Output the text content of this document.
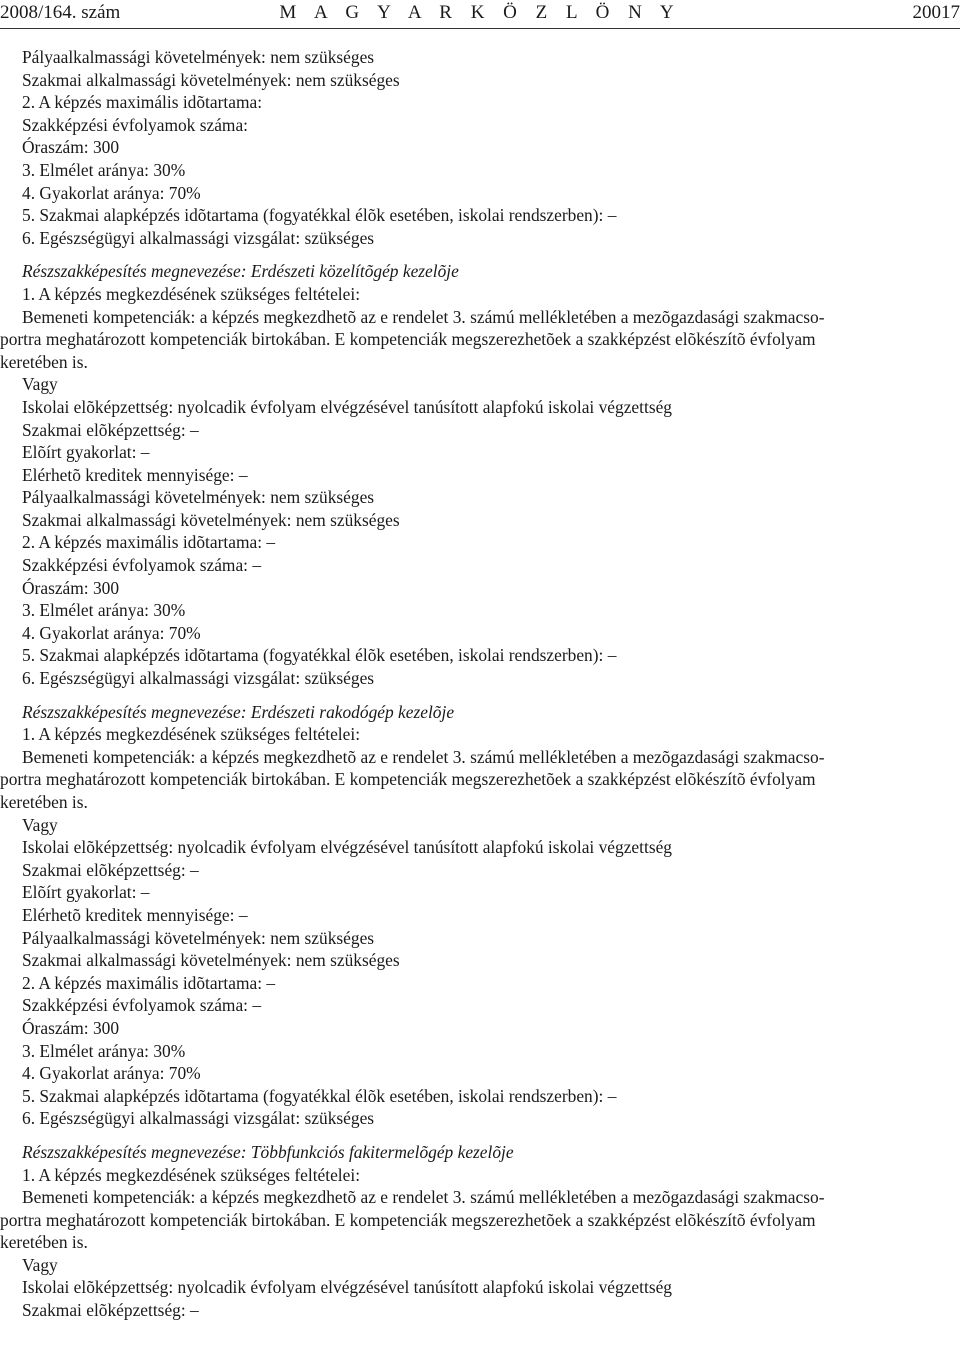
2008/164. szám	M A G Y A R K Ö Z L Ö N Y	20017
Pályaalkalmassági követelmények: nem szükséges
Szakmai alkalmassági követelmények: nem szükséges
2. A képzés maximális idõtartama:
Szakképzési évfolyamok száma:
Óraszám: 300
3. Elmélet aránya: 30%
4. Gyakorlat aránya: 70%
5. Szakmai alapképzés idõtartama (fogyatékkal élõk esetében, iskolai rendszerben): –
6. Egészségügyi alkalmassági vizsgálat: szükséges
Részszakképesítés megnevezése: Erdészeti közelítõgép kezelõje
1. A képzés megkezdésének szükséges feltételei:
Bemeneti kompetenciák: a képzés megkezdhetõ az e rendelet 3. számú mellékletében a mezõgazdasági szakmacso-
portra meghatározott kompetenciák birtokában. E kompetenciák megszerezhetõek a szakképzést elõkészítõ évfolyam
keretében is.
Vagy
Iskolai elõképzettség: nyolcadik évfolyam elvégzésével tanúsított alapfokú iskolai végzettség
Szakmai elõképzettség: –
Elõírt gyakorlat: –
Elérhetõ kreditek mennyisége: –
Pályaalkalmassági követelmények: nem szükséges
Szakmai alkalmassági követelmények: nem szükséges
2. A képzés maximális idõtartama: –
Szakképzési évfolyamok száma: –
Óraszám: 300
3. Elmélet aránya: 30%
4. Gyakorlat aránya: 70%
5. Szakmai alapképzés idõtartama (fogyatékkal élõk esetében, iskolai rendszerben): –
6. Egészségügyi alkalmassági vizsgálat: szükséges
Részszakképesítés megnevezése: Erdészeti rakodógép kezelõje
1. A képzés megkezdésének szükséges feltételei:
Bemeneti kompetenciák: a képzés megkezdhetõ az e rendelet 3. számú mellékletében a mezõgazdasági szakmacso-
portra meghatározott kompetenciák birtokában. E kompetenciák megszerezhetõek a szakképzést elõkészítõ évfolyam
keretében is.
Vagy
Iskolai elõképzettség: nyolcadik évfolyam elvégzésével tanúsított alapfokú iskolai végzettség
Szakmai elõképzettség: –
Elõírt gyakorlat: –
Elérhetõ kreditek mennyisége: –
Pályaalkalmassági követelmények: nem szükséges
Szakmai alkalmassági követelmények: nem szükséges
2. A képzés maximális idõtartama: –
Szakképzési évfolyamok száma: –
Óraszám: 300
3. Elmélet aránya: 30%
4. Gyakorlat aránya: 70%
5. Szakmai alapképzés idõtartama (fogyatékkal élõk esetében, iskolai rendszerben): –
6. Egészségügyi alkalmassági vizsgálat: szükséges
Részszakképesítés megnevezése: Többfunkciós fakitermelõgép kezelõje
1. A képzés megkezdésének szükséges feltételei:
Bemeneti kompetenciák: a képzés megkezdhetõ az e rendelet 3. számú mellékletében a mezõgazdasági szakmacso-
portra meghatározott kompetenciák birtokában. E kompetenciák megszerezhetõek a szakképzést elõkészítõ évfolyam
keretében is.
Vagy
Iskolai elõképzettség: nyolcadik évfolyam elvégzésével tanúsított alapfokú iskolai végzettség
Szakmai elõképzettség: –
